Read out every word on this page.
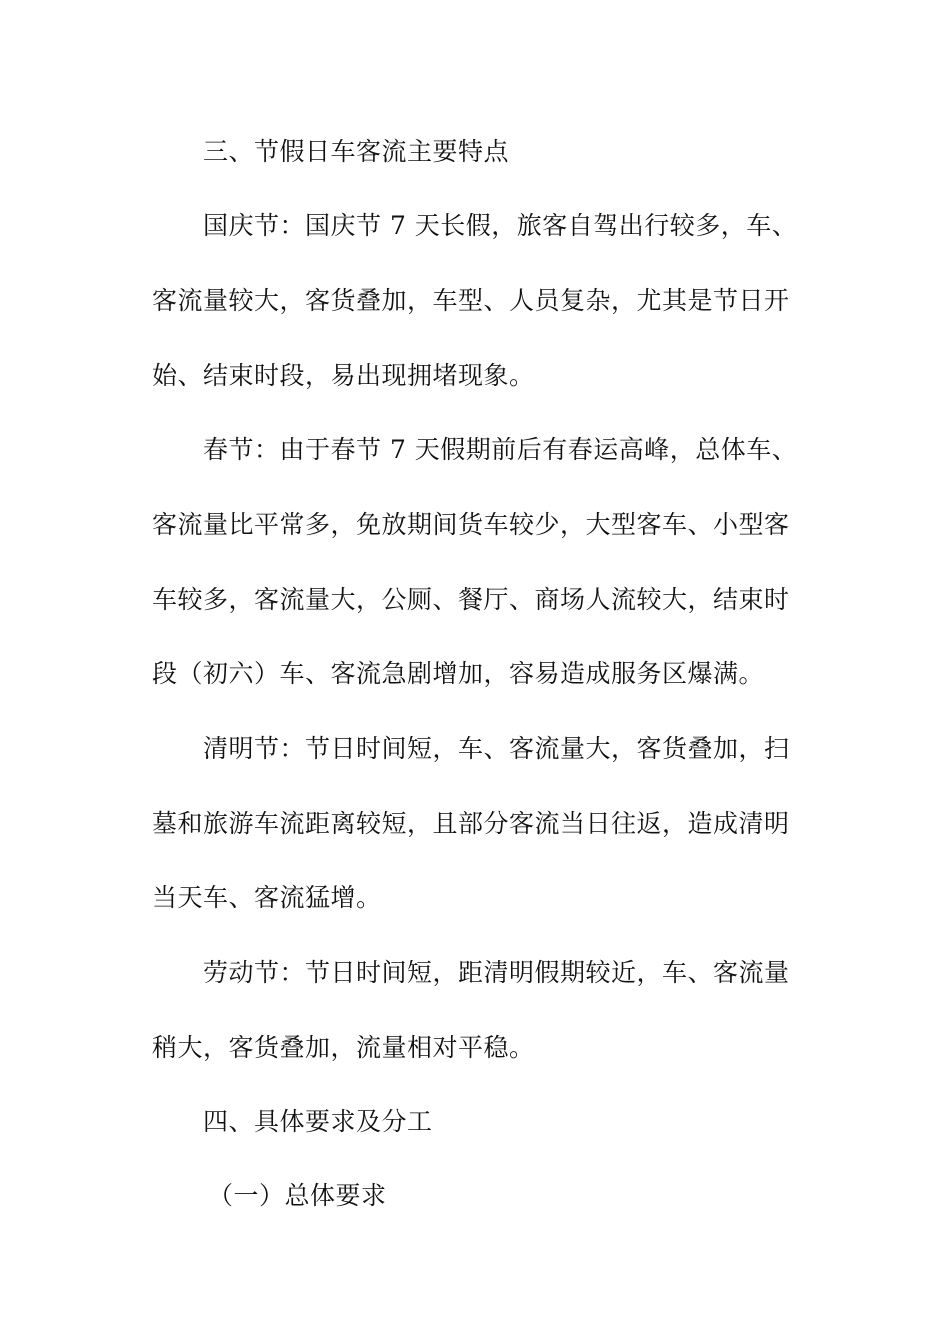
三、节假日车客流主要特点
国庆节：国庆节 7 天长假，旅客自驾出行较多，车、
客流量较大，客货叠加，车型、人员复杂，尤其是节日开
始、结束时段，易出现拥堵现象。
春节：由于春节 7 天假期前后有春运高峰，总体车、
客流量比平常多，免放期间货车较少，大型客车、小型客
车较多，客流量大，公厕、餐厅、商场人流较大，结束时
段（初六）车、客流急剧增加，容易造成服务区爆满。
清明节：节日时间短，车、客流量大，客货叠加，扫
墓和旅游车流距离较短，且部分客流当日往返，造成清明
当天车、客流猛增。
劳动节：节日时间短，距清明假期较近，车、客流量
稍大，客货叠加，流量相对平稳。
四、具体要求及分工
（一）总体要求
